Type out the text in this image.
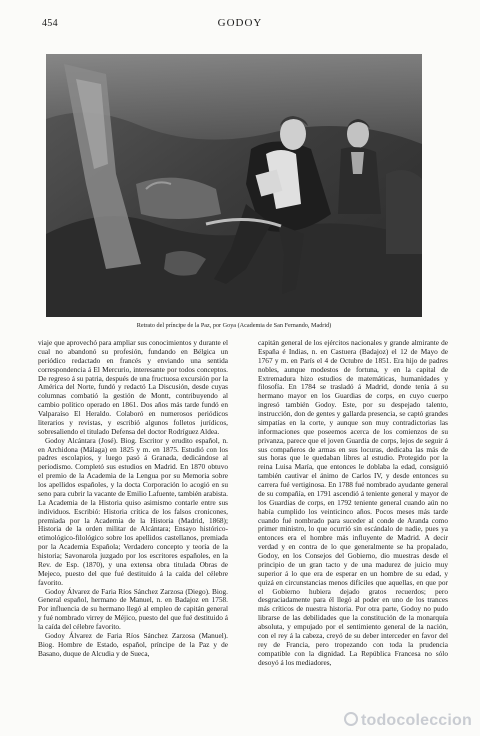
454	GODOY
Retrato del príncipe de la Paz, por Goya (Academia de San Fernando, Madrid)

viaje que aprovechó para ampliar sus conocimientos y durante el cual no abandonó su profesión, fundando en Bélgica un periódico redactado en francés y enviando una sentida correspondencia á El Mercurio, interesante por todos conceptos. De regreso á su patria, después de una fructuosa excursión por la América del Norte, fundó y redactó La Discusión, desde cuyas columnas combatió la gestión de Montt, contribuyendo al cambio político operado en 1861. Dos años más tarde fundó en Valparaíso El Heraldo. Colaboró en numerosos periódicos literarios y revistas, y escribió algunos folletos jurídicos, sobresaliendo el titulado Defensa del doctor Rodríguez Aldea.

Godoy Alcántara (José). Biog. Escritor y erudito español, n. en Archidona (Málaga) en 1825 y m. en 1875. Estudió con los padres escolapios, y luego pasó á Granada, dedicándose al periodismo. Completó sus estudios en Madrid. En 1870 obtuvo el premio de la Academia de la Lengua por su Memoria sobre los apellidos españoles, y la docta Corporación lo acogió en su seno para cubrir la vacante de Emilio Lafuente, también arabista. La Academia de la Historia quiso asimismo contarle entre sus individuos. Escribió: Historia crítica de los falsos cronicones, premiada por la Academia de la Historia (Madrid, 1868); Historia de la orden militar de Alcántara; Ensayo histórico-etimológico-filológico sobre los apellidos castellanos, premiada por la Academia Española; Verdadero concepto y teoría de la historia; Savonarola juzgado por los escritores españoles, en la Rev. de Esp. (1870), y una extensa obra titulada Obras de Mejeco, puesto del que fué destituido á la caída del célebre favorito.

Godoy Álvarez de Faria Ríos Sánchez Zarzosa (Diego). Biog. General español, hermano de Manuel, n. en Badajoz en 1758. Por influencia de su hermano llegó al empleo de capitán general y fué nombrado virrey de Méjico, puesto del que fué destituido á la caída del célebre favorito.

Godoy Álvarez de Faria Ríos Sánchez Zarzosa (Manuel). Biog. Hombre de Estado, español, príncipe de la Paz y de Basano, duque de Alcudia y de Sueca,

capitán general de los ejércitos nacionales y grande almirante de España é Indias, n. en Castuera (Badajoz) el 12 de Mayo de 1767 y m. en París el 4 de Octubre de 1851. Era hijo de padres nobles, aunque modestos de fortuna, y en la capital de Extremadura hizo estudios de matemáticas, humanidades y filosofía. En 1784 se trasladó á Madrid, donde tenía á su hermano mayor en los Guardias de corps, en cuyo cuerpo ingresó también Godoy. Este, por su despejado talento, instrucción, don de gentes y gallarda presencia, se captó grandes simpatías en la corte, y aunque son muy contradictorias las informaciones que poseemos acerca de los comienzos de su privanza, parece que el joven Guardia de corps, lejos de seguir á sus compañeros de armas en sus locuras, dedicaba las más de sus horas que le quedaban libres al estudio. Protegido por la reina Luisa María, que entonces le doblaba la edad, consiguió también cautivar el ánimo de Carlos IV, y desde entonces su carrera fué vertiginosa. En 1788 fué nombrado ayudante general de su compañía, en 1791 ascendió á teniente general y mayor de los Guardias de corps, en 1792 teniente general cuando aún no había cumplido los veinticinco años. Pocos meses más tarde cuando fué nombrado para suceder al conde de Aranda como primer ministro, lo que ocurrió sin escándalo de nadie, pues ya entonces era el hombre más influyente de Madrid. A decir verdad y en contra de lo que generalmente se ha propalado, Godoy, en los Consejos del Gobierno, dio muestras desde el principio de un gran tacto y de una madurez de juicio muy superior á lo que era de esperar en un hombre de su edad, y quizá en circunstancias menos difíciles que aquellas, en que por el Gobierno hubiera dejado gratos recuerdos; pero desgraciadamente para él llegó al poder en uno de los trances más críticos de nuestra historia. Por otra parte, Godoy no pudo librarse de las debilidades que la constitución de la monarquía absoluta, y empujado por el sentimiento general de la nación, con el rey á la cabeza, creyó de su deber interceder en favor del rey de Francia, pero tropezando con toda la prudencia compatible con la dignidad. La República Francesa no sólo desoyó á los mediadores,

todocoleccion
